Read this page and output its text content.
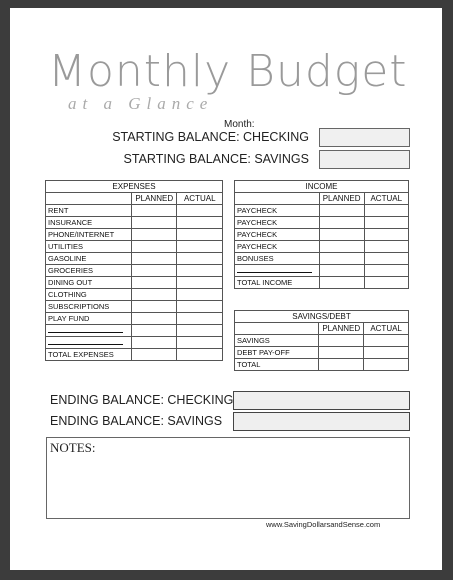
Monthly Budget
at a Glance
Month:
STARTING BALANCE: CHECKING
STARTING BALANCE: SAVINGS
EXPENSES		
	PLANNED	ACTUAL
RENT		
INSURANCE		
PHONE/INTERNET		
UTILITIES		
GASOLINE		
GROCERIES		
DINING OUT		
CLOTHING		
SUBSCRIPTIONS		
PLAY FUND		

TOTAL EXPENSES		
INCOME		
	PLANNED	ACTUAL
PAYCHECK		
PAYCHECK		
PAYCHECK		
PAYCHECK		
BONUSES		

TOTAL INCOME		
SAVINGS/DEBT		
	PLANNED	ACTUAL
SAVINGS		
DEBT PAY-OFF		
TOTAL		
ENDING BALANCE: CHECKING
ENDING BALANCE: SAVINGS
NOTES:
www.SavingDollarsandSense.com
